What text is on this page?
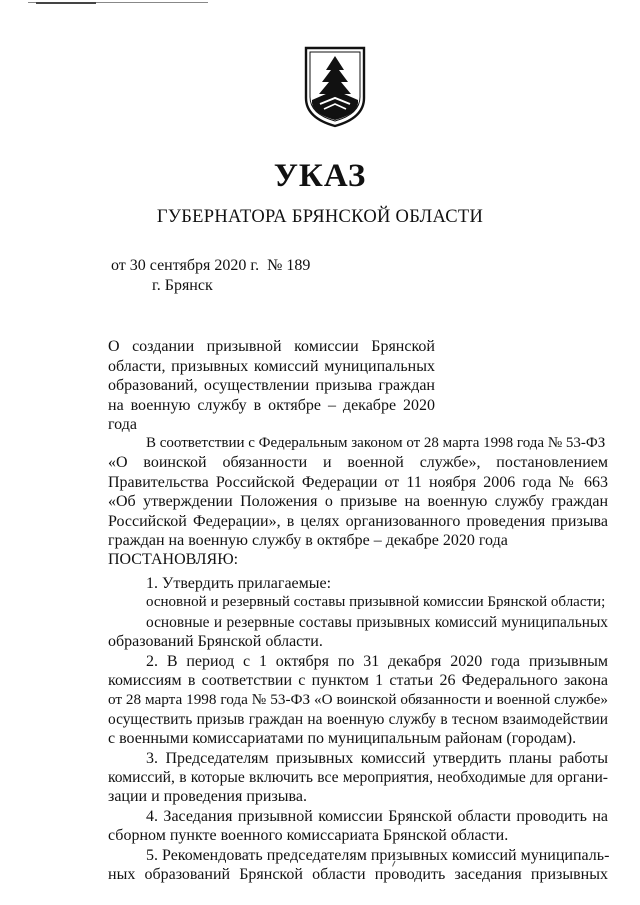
УКАЗ
ГУБЕРНАТОРА БРЯНСКОЙ ОБЛАСТИ
от 30 сентября 2020 г. № 189
г. Брянск
О создании призывной комиссии Брянской
области, призывных комиссий муниципальных
образований, осуществлении призыва граждан
на военную службу в октябре – декабре 2020 года
В соответствии с Федеральным законом от 28 марта 1998 года № 53-ФЗ
«О воинской обязанности и военной службе», постановлением
Правительства Российской Федерации от 11 ноября 2006 года № 663
«Об утверждении Положения о призыве на военную службу граждан
Российской Федерации», в целях организованного проведения призыва
граждан на военную службу в октябре – декабре 2020 года
ПОСТАНОВЛЯЮ:
1. Утвердить прилагаемые:
основной и резервный составы призывной комиссии Брянской области;
основные и резервные составы призывных комиссий муниципальных
образований Брянской области.
2. В период с 1 октября по 31 декабря 2020 года призывным
комиссиям в соответствии с пунктом 1 статьи 26 Федерального закона
от 28 марта 1998 года № 53-ФЗ «О воинской обязанности и военной службе»
осуществить призыв граждан на военную службу в тесном взаимодействии
с военными комиссариатами по муниципальным районам (городам).
3. Председателям призывных комиссий утвердить планы работы
комиссий, в которые включить все мероприятия, необходимые для органи-
зации и проведения призыва.
4. Заседания призывной комиссии Брянской области проводить на
сборном пункте военного комиссариата Брянской области.
5. Рекомендовать председателям призывных комиссий муниципаль-
ных образований Брянской области проводить заседания призывных
